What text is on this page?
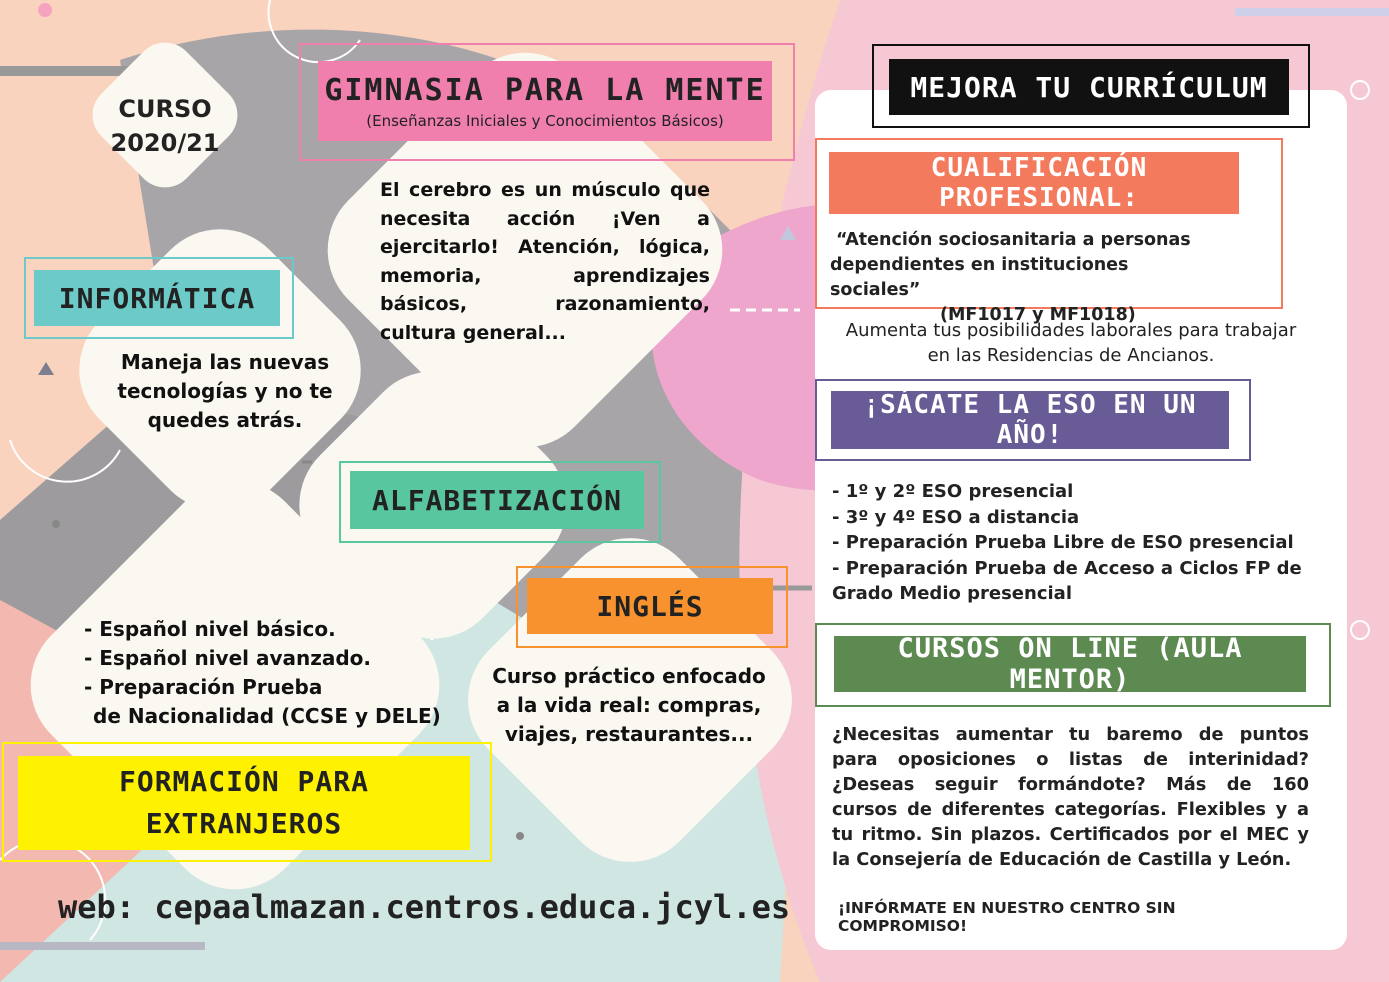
CURSO
2020/21
GIMNASIA PARA LA MENTE
(Enseñanzas Iniciales y Conocimientos Básicos)
El cerebro es un músculo que necesita acción ¡Ven a ejercitarlo! Atención, lógica, memoria, aprendizajes básicos, razonamiento, cultura general...
INFORMÁTICA
Maneja las nuevas
tecnologías y no te
quedes atrás.
ALFABETIZACIÓN
INGLÉS
Curso práctico enfocado
a la vida real: compras,
viajes, restaurantes...
- Español nivel básico.
- Español nivel avanzado.
- Preparación Prueba
de Nacionalidad (CCSE y DELE)
FORMACIÓN PARA
EXTRANJEROS
web: cepaalmazan.centros.educa.jcyl.es
MEJORA TU CURRÍCULUM
CUALIFICACIÓN PROFESIONAL:
“Atención sociosanitaria a personas
dependientes en instituciones sociales”
(MF1017 y MF1018)
Aumenta tus posibilidades laborales para trabajar
en las Residencias de Ancianos.
¡SÁCATE LA ESO EN UN AÑO!
- 1º y 2º ESO presencial
- 3º y 4º ESO a distancia
- Preparación Prueba Libre de ESO presencial
- Preparación Prueba de Acceso a Ciclos FP de
Grado Medio presencial
CURSOS ON LINE (AULA MENTOR)
¿Necesitas aumentar tu baremo de puntos para oposiciones o listas de interinidad? ¿Deseas seguir formándote? Más de 160 cursos de diferentes categorías. Flexibles y a tu ritmo. Sin plazos. Certificados por el MEC y la Consejería de Educación de Castilla y León.
¡INFÓRMATE EN NUESTRO CENTRO SIN COMPROMISO!
